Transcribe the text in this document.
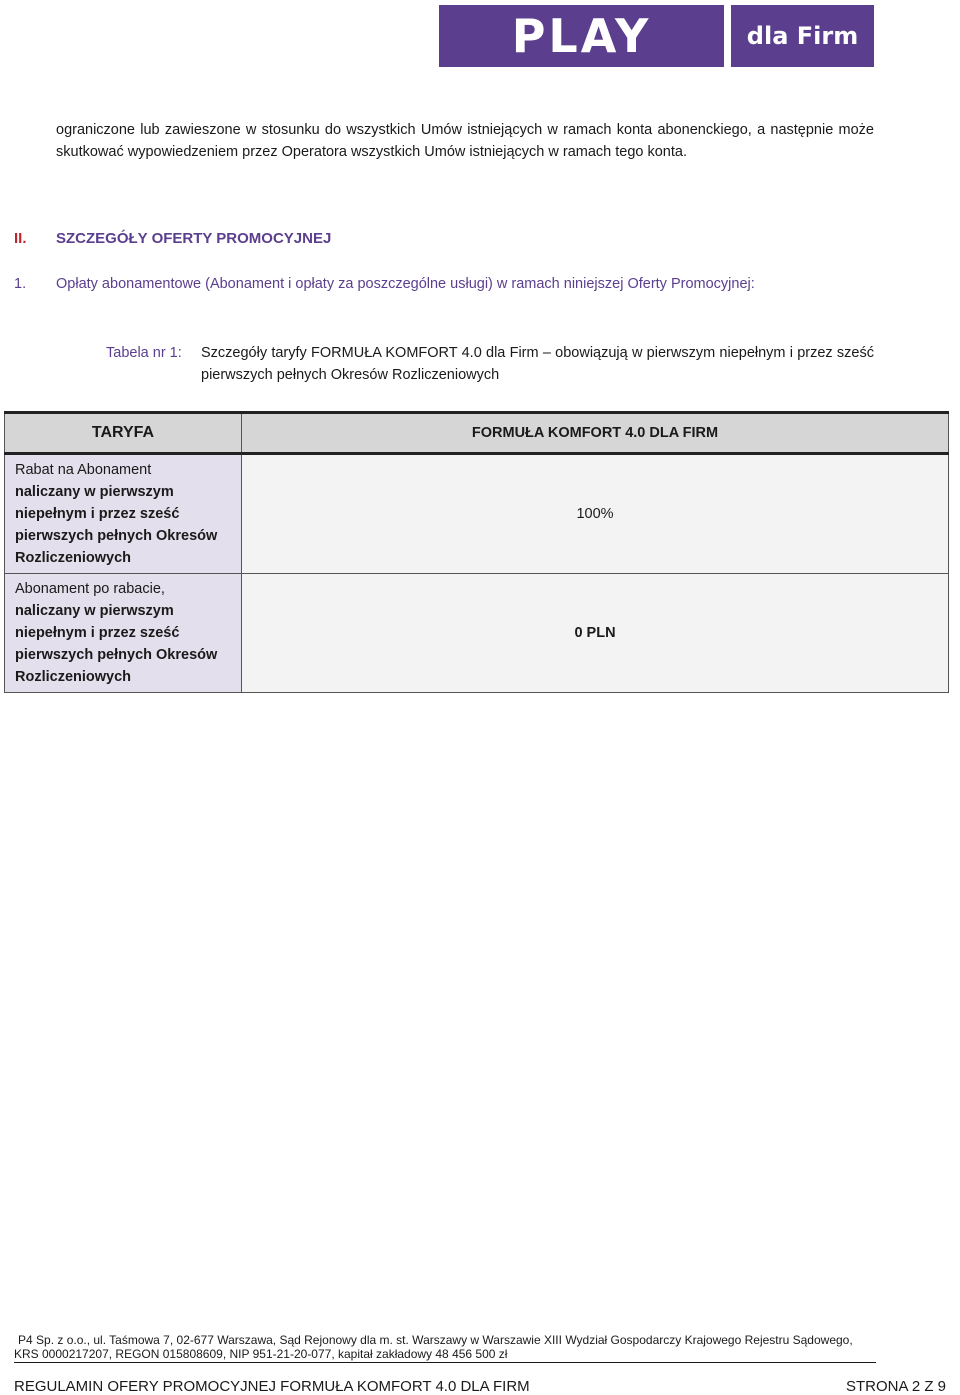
PLAY	dla Firm

ograniczone lub zawieszone w stosunku do wszystkich Umów istniejących w ramach konta abonenckiego, a następnie może skutkować wypowiedzeniem przez Operatora wszystkich Umów istniejących w ramach tego konta.

II. SZCZEGÓŁY OFERTY PROMOCYJNEJ
1. Opłaty abonamentowe (Abonament i opłaty za poszczególne usługi) w ramach niniejszej Oferty Promocyjnej:
Tabela nr 1:	Szczegóły taryfy FORMUŁA KOMFORT 4.0 dla Firm – obowiązują w pierwszym niepełnym i przez sześć pierwszych pełnych Okresów Rozliczeniowych
TARYFA	FORMUŁA KOMFORT 4.0 DLA FIRM
Rabat na Abonament
naliczany w pierwszym niepełnym i przez sześć pierwszych pełnych Okresów Rozliczeniowych	100%
Abonament po rabacie,
naliczany w pierwszym niepełnym i przez sześć pierwszych pełnych Okresów Rozliczeniowych	0 PLN
P4 Sp. z o.o., ul. Taśmowa 7, 02-677 Warszawa, Sąd Rejonowy dla m. st. Warszawy w Warszawie XIII Wydział Gospodarczy Krajowego Rejestru Sądowego,
KRS 0000217207, REGON 015808609, NIP 951-21-20-077, kapitał zakładowy 48 456 500 zł
REGULAMIN OFERY PROMOCYJNEJ FORMUŁA KOMFORT 4.0 DLA FIRM	STRONA 2 Z 9
